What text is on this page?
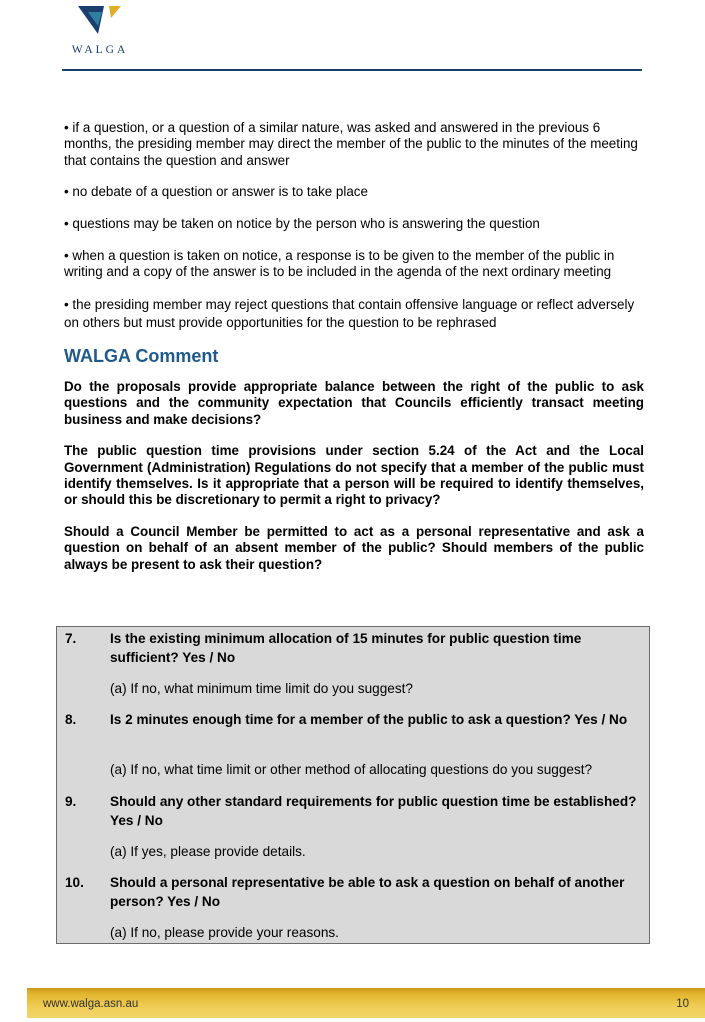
WALGA

• if a question, or a question of a similar nature, was asked and answered in the previous 6 months, the presiding member may direct the member of the public to the minutes of the meeting that contains the question and answer

• no debate of a question or answer is to take place

• questions may be taken on notice by the person who is answering the question

• when a question is taken on notice, a response is to be given to the member of the public in writing and a copy of the answer is to be included in the agenda of the next ordinary meeting

• the presiding member may reject questions that contain offensive language or reflect adversely on others but must provide opportunities for the question to be rephrased

WALGA Comment

Do the proposals provide appropriate balance between the right of the public to ask questions and the community expectation that Councils efficiently transact meeting business and make decisions?

The public question time provisions under section 5.24 of the Act and the Local Government (Administration) Regulations do not specify that a member of the public must identify themselves. Is it appropriate that a person will be required to identify themselves, or should this be discretionary to permit a right to privacy?

Should a Council Member be permitted to act as a personal representative and ask a question on behalf of an absent member of the public? Should members of the public always be present to ask their question?

7. Is the existing minimum allocation of 15 minutes for public question time sufficient? Yes / No
(a) If no, what minimum time limit do you suggest?
8. Is 2 minutes enough time for a member of the public to ask a question? Yes / No
(a) If no, what time limit or other method of allocating questions do you suggest?
9. Should any other standard requirements for public question time be established? Yes / No
(a) If yes, please provide details.
10. Should a personal representative be able to ask a question on behalf of another person? Yes / No
(a) If no, please provide your reasons.
www.walga.asn.au	10
